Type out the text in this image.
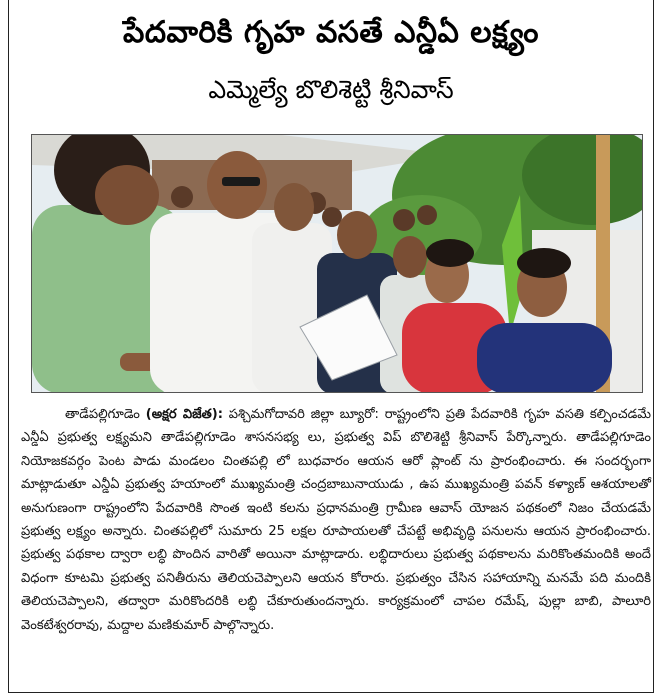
పేదవారికి గృహ వసతే ఎన్డీఏ లక్ష్యం
ఎమ్మెల్యే బొలిశెట్టి శ్రీనివాస్

తాడేపల్లిగూడెం (అక్షర విజేత): పశ్చిమగోదావరి జిల్లా బ్యూరో: రాష్ట్రంలోని ప్రతి పేదవారికి గృహ వసతి కల్పించడమే ఎన్డీఏ ప్రభుత్వ లక్ష్యమని తాడేపల్లిగూడెం శాసనసభ్య లు, ప్రభుత్వ విప్ బొలిశెట్టి శ్రీనివాస్ పేర్కొన్నారు. తాడేపల్లిగూడెం నియోజకవర్గం పెంట పాడు మండలం చింతపల్లి లో బుధవారం ఆయన ఆరో ప్లాంట్ ను ప్రారంభించారు. ఈ సందర్భంగా మాట్లాడుతూ ఎన్డీఏ ప్రభుత్వ హయాంలో ముఖ్యమంత్రి చంద్రబాబునాయుడు , ఉప ముఖ్యమంత్రి పవన్ కళ్యాణ్ ఆశయాలతో అనుగుణంగా రాష్ట్రంలోని పేదవారికి సొంత ఇంటి కలను ప్రధానమంత్రి గ్రామీణ ఆవాస్ యోజన పథకంలో నిజం చేయడమే ప్రభుత్వ లక్ష్యం అన్నారు. చింతపల్లిలో సుమారు 25 లక్షల రూపాయలతో చేపట్టే అభివృద్ధి పనులను ఆయన ప్రారంభించారు. ప్రభుత్వ పథకాల ద్వారా లబ్ధి పొందిన వారితో అయినా మాట్లాడారు. లబ్ధిదారులు ప్రభుత్వ పథకాలను మరికొంతమందికి అందే విధంగా కూటమి ప్రభుత్వ పనితీరును తెలియచెప్పాలని ఆయన కోరారు. ప్రభుత్వం చేసిన సహాయాన్ని మనమే పది మందికి తెలియచెప్పాలని, తద్వారా మరికొందరికి లబ్ధి చేకూరుతుందన్నారు. కార్యక్రమంలో చాపల రమేష్, పుల్లా బాబి, పాలూరి వెంకటేశ్వరరావు, మద్దాల మణికుమార్ పాల్గొన్నారు.
